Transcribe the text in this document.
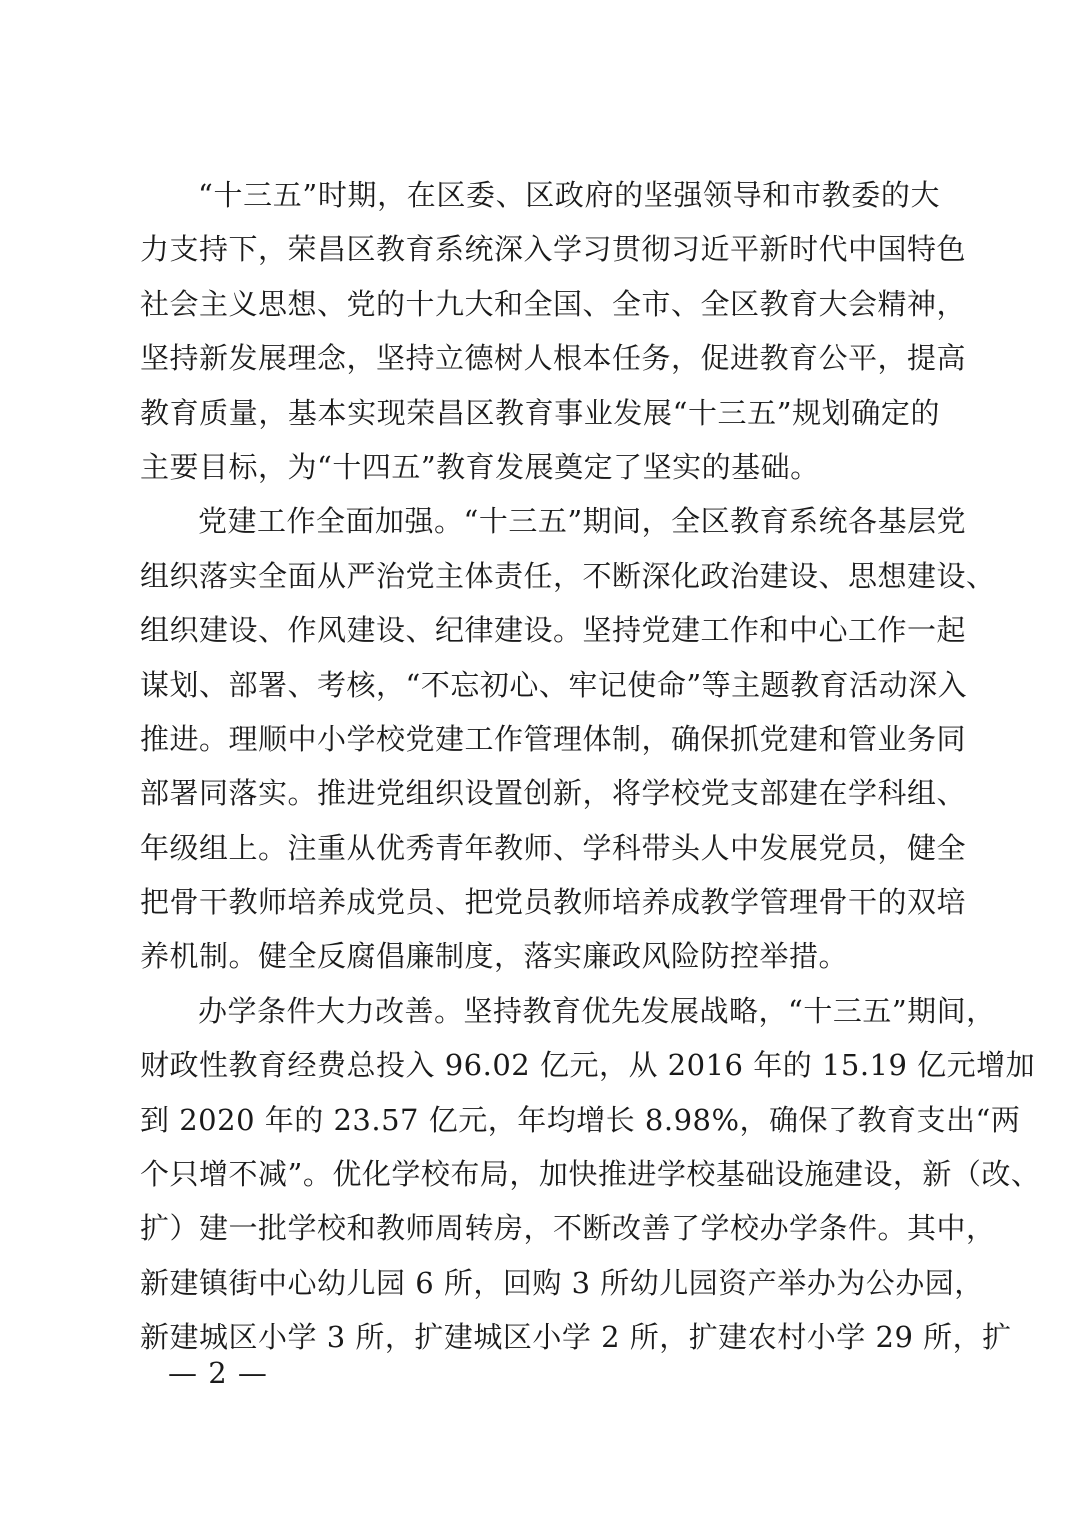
“十三五”时期，在区委、区政府的坚强领导和市教委的大
力支持下，荣昌区教育系统深入学习贯彻习近平新时代中国特色
社会主义思想、党的十九大和全国、全市、全区教育大会精神，
坚持新发展理念，坚持立德树人根本任务，促进教育公平，提高
教育质量，基本实现荣昌区教育事业发展“十三五”规划确定的
主要目标，为“十四五”教育发展奠定了坚实的基础。
党建工作全面加强。“十三五”期间，全区教育系统各基层党
组织落实全面从严治党主体责任，不断深化政治建设、思想建设、
组织建设、作风建设、纪律建设。坚持党建工作和中心工作一起
谋划、部署、考核，“不忘初心、牢记使命”等主题教育活动深入
推进。理顺中小学校党建工作管理体制，确保抓党建和管业务同
部署同落实。推进党组织设置创新，将学校党支部建在学科组、
年级组上。注重从优秀青年教师、学科带头人中发展党员，健全
把骨干教师培养成党员、把党员教师培养成教学管理骨干的双培
养机制。健全反腐倡廉制度，落实廉政风险防控举措。
办学条件大力改善。坚持教育优先发展战略，“十三五”期间，
财政性教育经费总投入 96.02 亿元，从 2016 年的 15.19 亿元增加
到 2020 年的 23.57 亿元，年均增长 8.98%，确保了教育支出“两
个只增不减”。优化学校布局，加快推进学校基础设施建设，新（改、
扩）建一批学校和教师周转房，不断改善了学校办学条件。其中，
新建镇街中心幼儿园 6 所，回购 3 所幼儿园资产举办为公办园，
新建城区小学 3 所，扩建城区小学 2 所，扩建农村小学 29 所，扩
— 2 —
